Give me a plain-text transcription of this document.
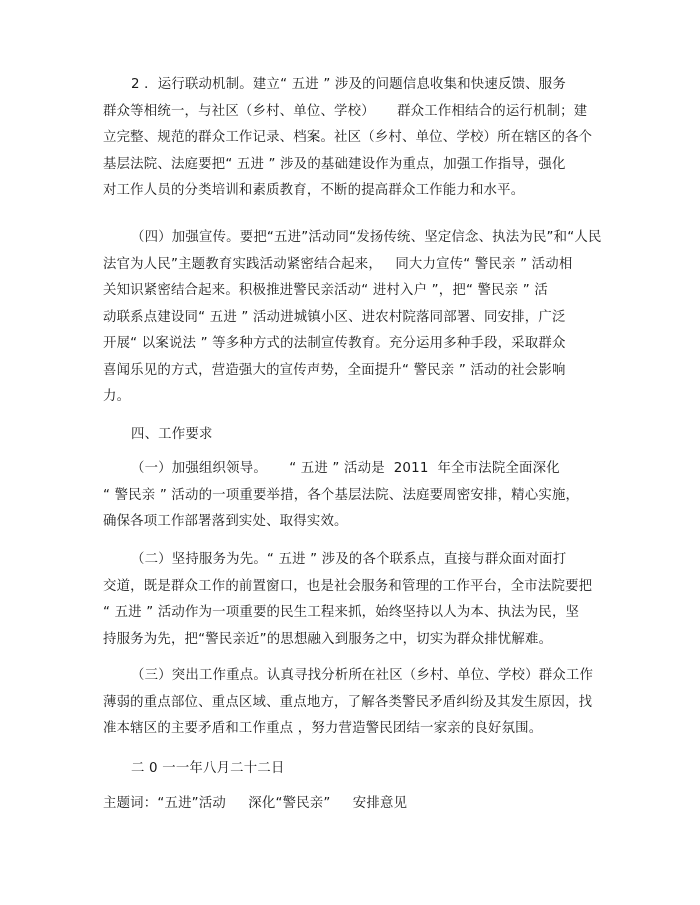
2 ．运行联动机制。建立“ 五进 ” 涉及的问题信息收集和快速反馈、服务
群众等相统一，与社区（乡村、单位、学校）     群众工作相结合的运行机制；建
立完整、规范的群众工作记录、档案。社区（乡村、单位、学校）所在辖区的各个
基层法院、法庭要把“ 五进 ” 涉及的基础建设作为重点，加强工作指导，强化
对工作人员的分类培训和素质教育，不断的提高群众工作能力和水平。
（四）加强宣传。要把“五进”活动同“发扬传统、坚定信念、执法为民”和“人民
法官为人民”主题教育实践活动紧密结合起来，   同大力宣传“ 警民亲 ” 活动相
关知识紧密结合起来。积极推进警民亲活动“ 进村入户 ”，把“ 警民亲 ” 活
动联系点建设同“ 五进 ” 活动进城镇小区、进农村院落同部署、同安排，广泛
开展“ 以案说法 ” 等多种方式的法制宣传教育。充分运用多种手段，采取群众
喜闻乐见的方式，营造强大的宣传声势，全面提升“ 警民亲 ” 活动的社会影响
力。
四、工作要求
（一）加强组织领导。     “ 五进 ” 活动是  2011  年全市法院全面深化
“ 警民亲 ” 活动的一项重要举措，各个基层法院、法庭要周密安排，精心实施，
确保各项工作部署落到实处、取得实效。
（二）坚持服务为先。“ 五进 ” 涉及的各个联系点，直接与群众面对面打
交道，既是群众工作的前置窗口，也是社会服务和管理的工作平台，全市法院要把
“ 五进 ” 活动作为一项重要的民生工程来抓，始终坚持以人为本、执法为民，坚
持服务为先，把“警民亲近”的思想融入到服务之中，切实为群众排忧解难。
（三）突出工作重点。认真寻找分析所在社区（乡村、单位、学校）群众工作
薄弱的重点部位、重点区域、重点地方，了解各类警民矛盾纠纷及其发生原因，找
准本辖区的主要矛盾和工作重点 ，努力营造警民团结一家亲的良好氛围。
二 0 一一年八月二十二日
主题词：“五进”活动     深化“警民亲”     安排意见
